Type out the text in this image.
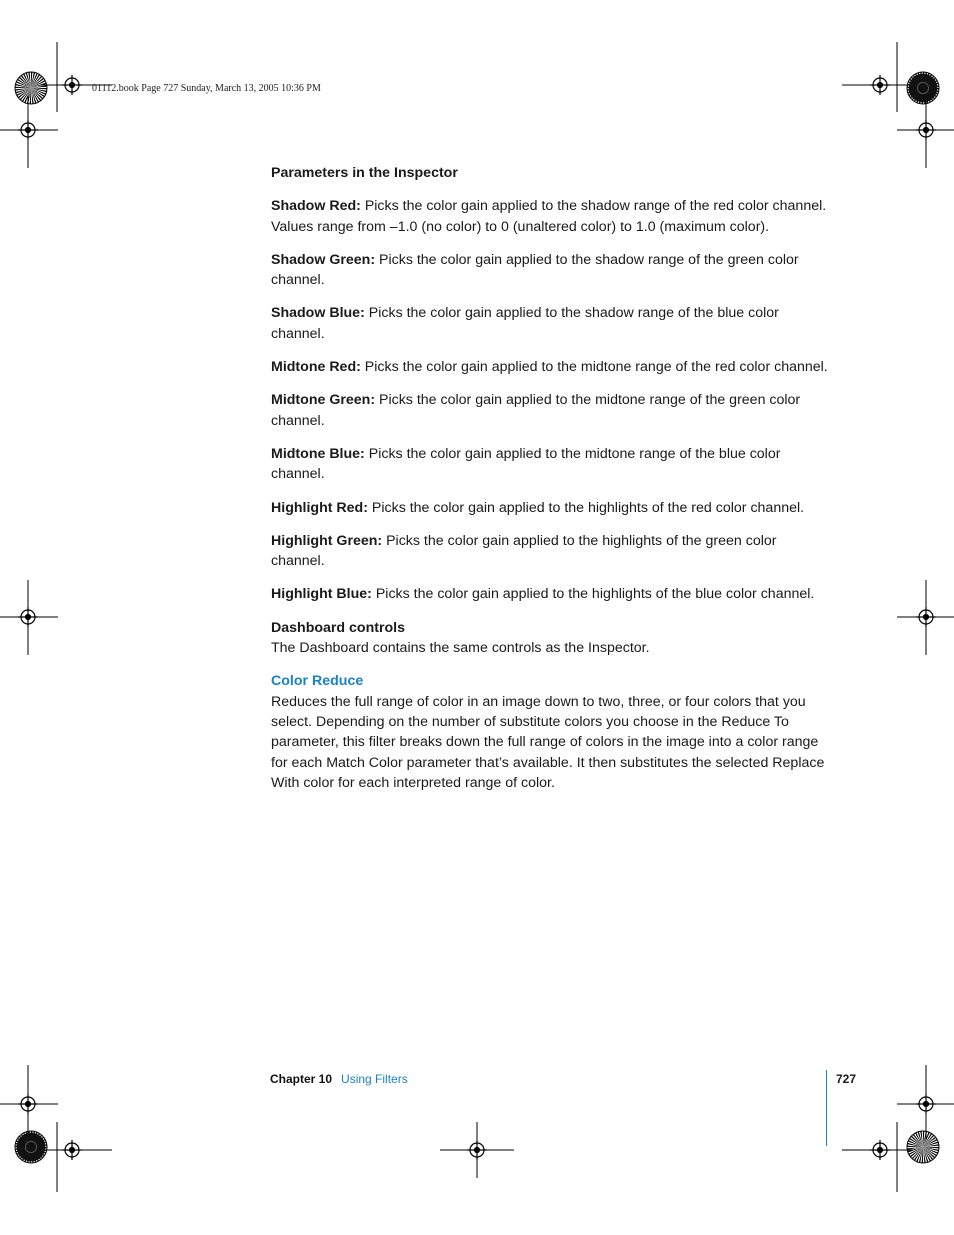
01112.book Page 727 Sunday, March 13, 2005 10:36 PM

Parameters in the Inspector

Shadow Red: Picks the color gain applied to the shadow range of the red color channel. Values range from –1.0 (no color) to 0 (unaltered color) to 1.0 (maximum color).

Shadow Green: Picks the color gain applied to the shadow range of the green color channel.

Shadow Blue: Picks the color gain applied to the shadow range of the blue color channel.

Midtone Red: Picks the color gain applied to the midtone range of the red color channel.

Midtone Green: Picks the color gain applied to the midtone range of the green color channel.

Midtone Blue: Picks the color gain applied to the midtone range of the blue color channel.

Highlight Red: Picks the color gain applied to the highlights of the red color channel.

Highlight Green: Picks the color gain applied to the highlights of the green color channel.

Highlight Blue: Picks the color gain applied to the highlights of the blue color channel.

Dashboard controls

The Dashboard contains the same controls as the Inspector.

Color Reduce

Reduces the full range of color in an image down to two, three, or four colors that you select. Depending on the number of substitute colors you choose in the Reduce To parameter, this filter breaks down the full range of colors in the image into a color range for each Match Color parameter that’s available. It then substitutes the selected Replace With color for each interpreted range of color.

Chapter 10 Using Filters	727
